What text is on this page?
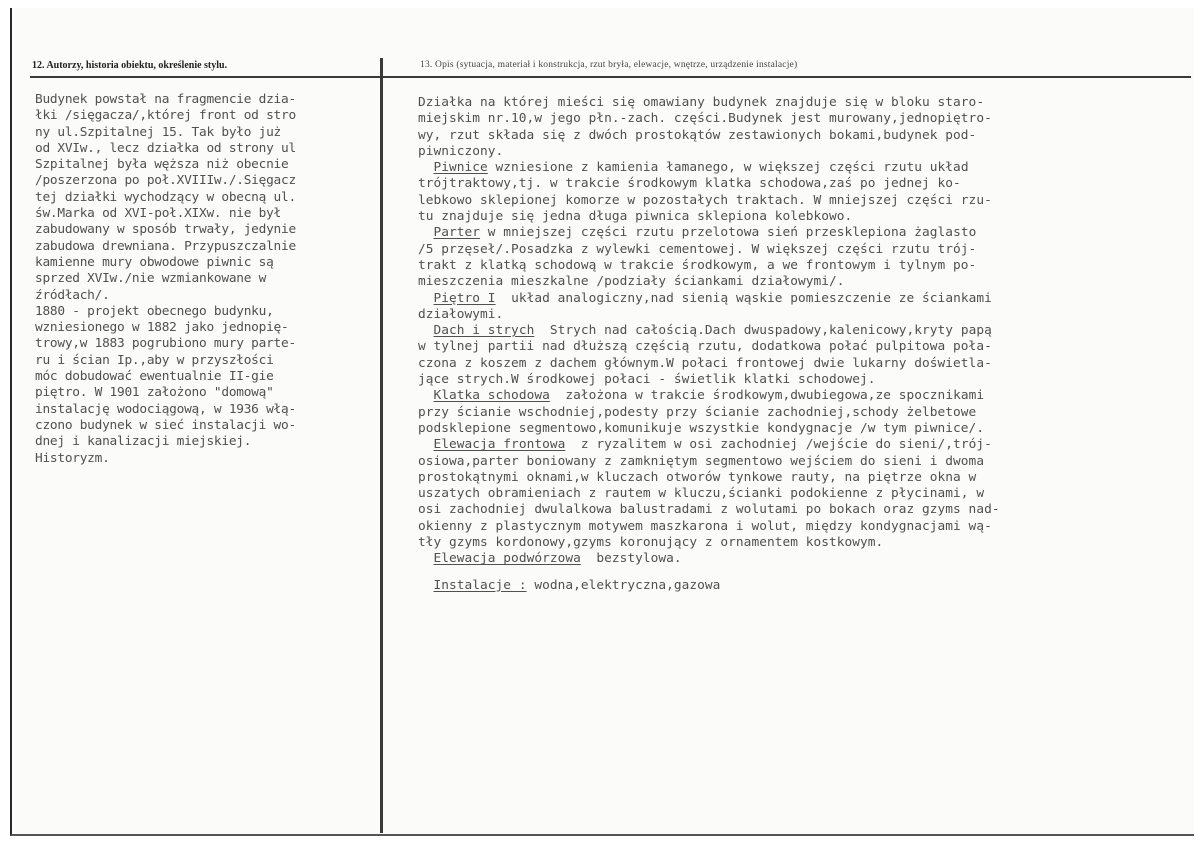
12. Autorzy, historia obiektu, określenie stylu.	13. Opis (sytuacja, materiał i konstrukcja, rzut bryła, elewacje, wnętrze, urządzenie instalacje)
Budynek powstał na fragmencie dzia-
łki /sięgacza/,której front od stro
ny ul.Szpitalnej 15. Tak było już
od XVIw., lecz działka od strony ul
Szpitalnej była węższa niż obecnie
/poszerzona po poł.XVIIIw./.Sięgacz
tej działki wychodzący w obecną ul.
św.Marka od XVI-poł.XIXw. nie był
zabudowany w sposób trwały, jedynie
zabudowa drewniana. Przypuszczalnie
kamienne mury obwodowe piwnic są
sprzed XVIw./nie wzmiankowane w
źródłach/.
1880 - projekt obecnego budynku,
wzniesionego w 1882 jako jednopię-
trowy,w 1883 pogrubiono mury parte-
ru i ścian Ip.,aby w przyszłości
móc dobudować ewentualnie II-gie
piętro. W 1901 założono "domową"
instalację wodociągową, w 1936 włą-
czono budynek w sieć instalacji wo-
dnej i kanalizacji miejskiej.
Historyzm.
Działka na której mieści się omawiany budynek znajduje się w bloku staro-
miejskim nr.10,w jego płn.-zach. części.Budynek jest murowany,jednopiętro-
wy, rzut składa się z dwóch prostokątów zestawionych bokami,budynek pod-
piwniczony.
Piwnice wzniesione z kamienia łamanego, w większej części rzutu układ
trójtraktowy,tj. w trakcie środkowym klatka schodowa,zaś po jednej ko-
lebkowo sklepionej komorze w pozostałych traktach. W mniejszej części rzu-
tu znajduje się jedna długa piwnica sklepiona kolebkowo.
Parter w mniejszej części rzutu przelotowa sień przesklepiona żaglasto
/5 przęseł/.Posadzka z wylewki cementowej. W większej części rzutu trój-
trakt z klatką schodową w trakcie środkowym, a we frontowym i tylnym po-
mieszczenia mieszkalne /podziały ściankami działowymi/.
Piętro I  układ analogiczny,nad sienią wąskie pomieszczenie ze ściankami
działowymi.
Dach i strych  Strych nad całością.Dach dwuspadowy,kalenicowy,kryty papą
w tylnej partii nad dłuższą częścią rzutu, dodatkowa połać pulpitowa poła-
czona z koszem z dachem głównym.W połaci frontowej dwie lukarny doświetla-
jące strych.W środkowej połaci - świetlik klatki schodowej.
Klatka schodowa  założona w trakcie środkowym,dwubiegowa,ze spocznikami
przy ścianie wschodniej,podesty przy ścianie zachodniej,schody żelbetowe
podsklepione segmentowo,komunikuje wszystkie kondygnacje /w tym piwnice/.
Elewacja frontowa  z ryzalitem w osi zachodniej /wejście do sieni/,trój-
osiowa,parter boniowany z zamkniętym segmentowo wejściem do sieni i dwoma
prostokątnymi oknami,w kluczach otworów tynkowe rauty, na piętrze okna w
uszatych obramieniach z rautem w kluczu,ścianki podokienne z płycinami, w
osi zachodniej dwulalkowa balustradami z wolutami po bokach oraz gzyms nad-
okienny z plastycznym motywem maszkarona i wolut, między kondygnacjami wą-
tły gzyms kordonowy,gzyms koronujący z ornamentem kostkowym.
Elewacja podwórzowa  bezstylowa.
Instalacje : wodna,elektryczna,gazowa
